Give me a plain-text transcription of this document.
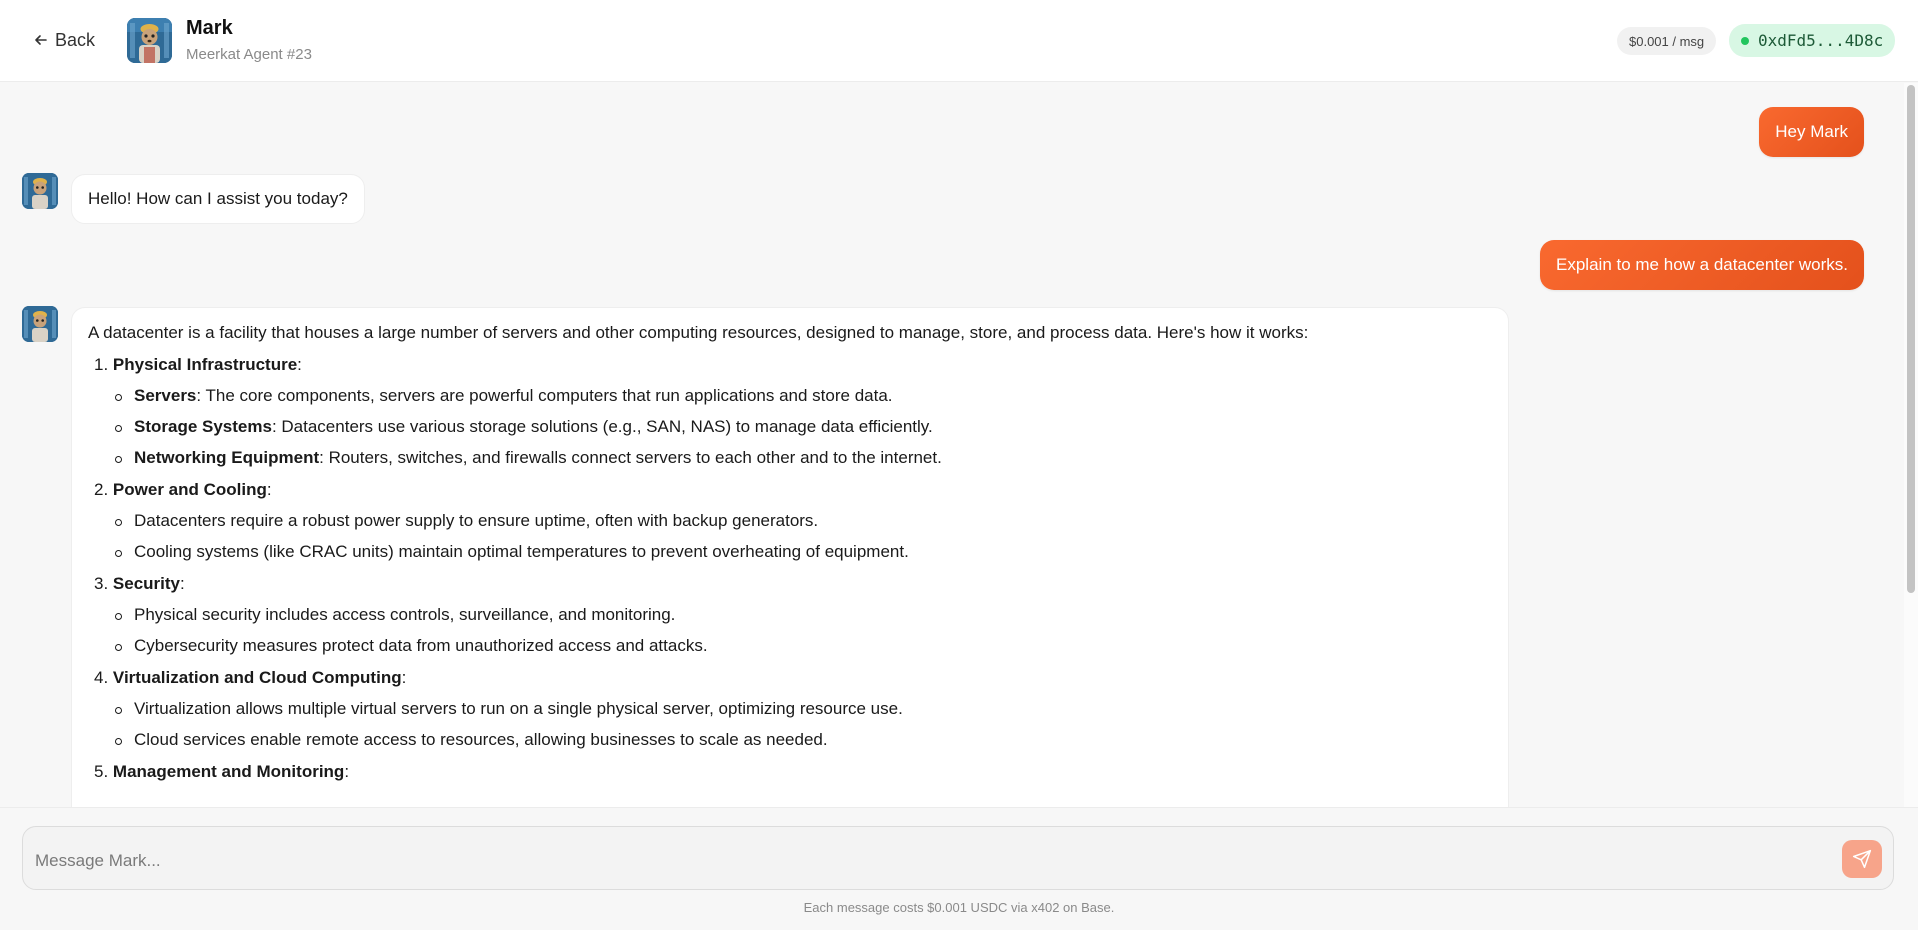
Back
Mark
Meerkat Agent #23
$0.001 / msg	0xdFd5...4D8c
Hey Mark
Hello! How can I assist you today?
Explain to me how a datacenter works.
A datacenter is a facility that houses a large number of servers and other computing resources, designed to manage, store, and process data. Here's how it works:
1. Physical Infrastructure:
Servers: The core components, servers are powerful computers that run applications and store data.
Storage Systems: Datacenters use various storage solutions (e.g., SAN, NAS) to manage data efficiently.
Networking Equipment: Routers, switches, and firewalls connect servers to each other and to the internet.
2. Power and Cooling:
Datacenters require a robust power supply to ensure uptime, often with backup generators.
Cooling systems (like CRAC units) maintain optimal temperatures to prevent overheating of equipment.
3. Security:
Physical security includes access controls, surveillance, and monitoring.
Cybersecurity measures protect data from unauthorized access and attacks.
4. Virtualization and Cloud Computing:
Virtualization allows multiple virtual servers to run on a single physical server, optimizing resource use.
Cloud services enable remote access to resources, allowing businesses to scale as needed.
5. Management and Monitoring:
Message Mark...
Each message costs $0.001 USDC via x402 on Base.
